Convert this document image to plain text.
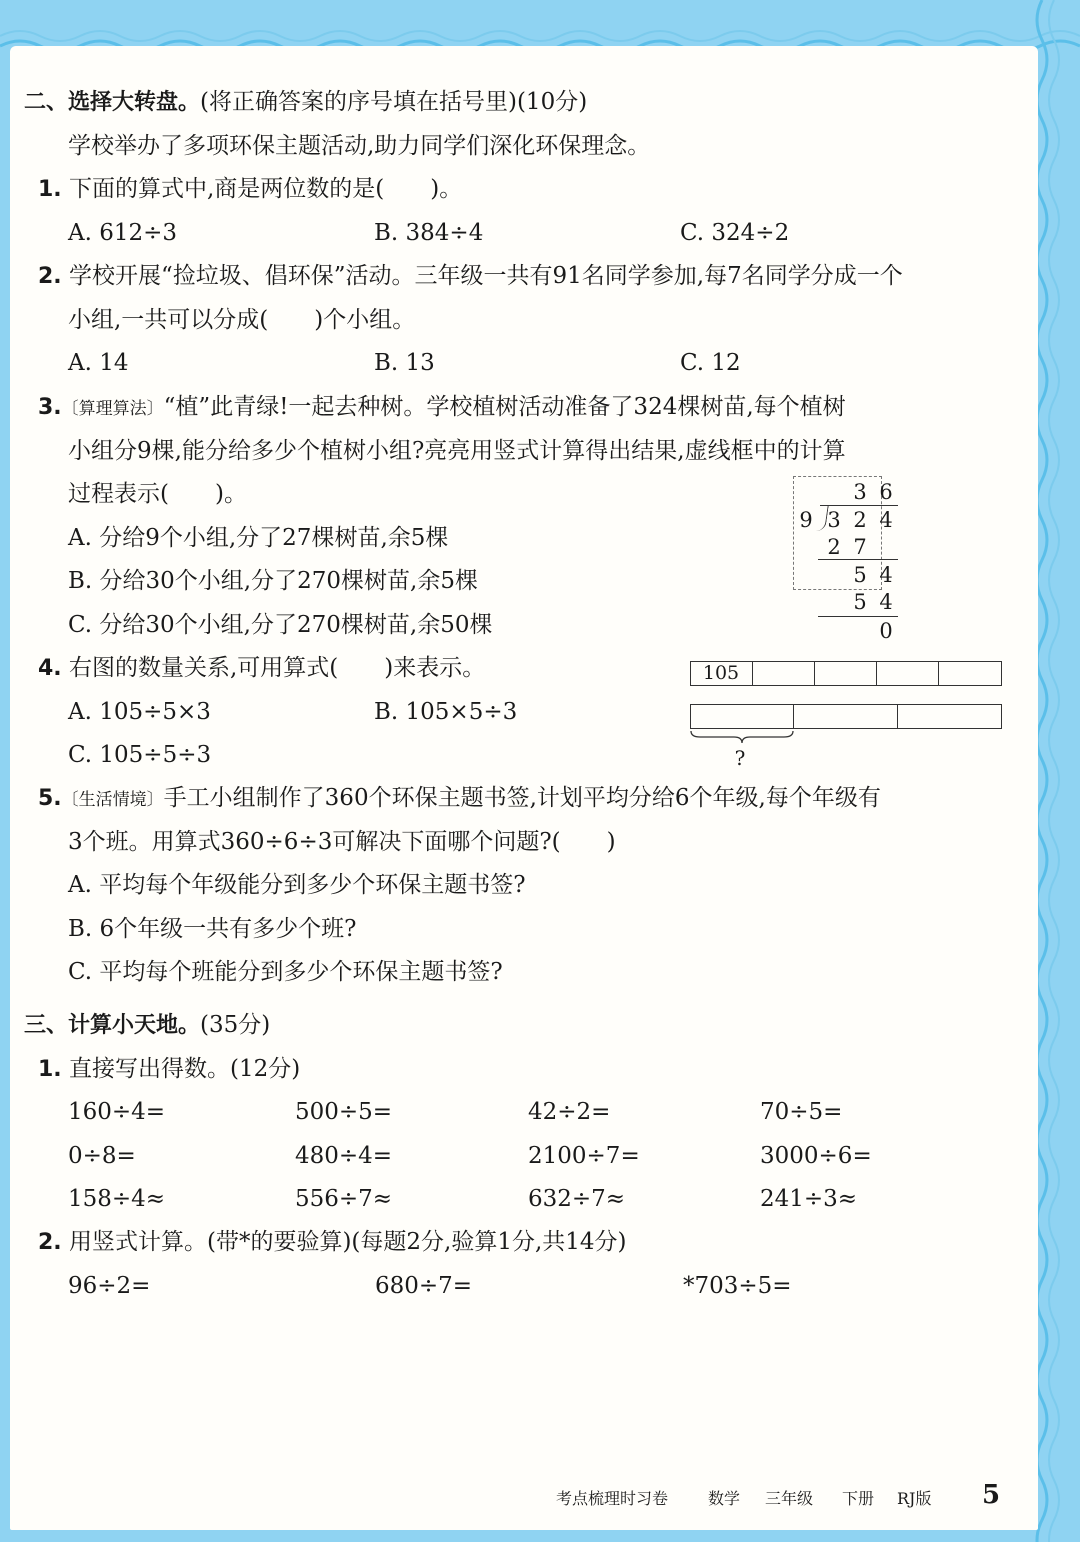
二、选择大转盘。(将正确答案的序号填在括号里)(10分)
学校举办了多项环保主题活动,助力同学们深化环保理念。
1. 下面的算式中,商是两位数的是(　　)。
A. 612÷3	B. 384÷4	C. 324÷2
2. 学校开展“捡垃圾、倡环保”活动。三年级一共有91名同学参加,每7名同学分成一个
小组,一共可以分成(　　)个小组。
A. 14	B. 13	C. 12
3.〔算理算法〕“植”此青绿!一起去种树。学校植树活动准备了324棵树苗,每个植树
小组分9棵,能分给多少个植树小组?亮亮用竖式计算得出结果,虚线框中的计算
过程表示(　　)。
A. 分给9个小组,分了27棵树苗,余5棵
B. 分给30个小组,分了270棵树苗,余5棵
C. 分给30个小组,分了270棵树苗,余50棵
3 6
9 3 2 4
2 7
5 4
5 4
0
4. 右图的数量关系,可用算式(　　)来表示。
A. 105÷5×3	B. 105×5÷3
C. 105÷5÷3
105
?
5.〔生活情境〕手工小组制作了360个环保主题书签,计划平均分给6个年级,每个年级有
3个班。用算式360÷6÷3可解决下面哪个问题?(　　)
A. 平均每个年级能分到多少个环保主题书签?
B. 6个年级一共有多少个班?
C. 平均每个班能分到多少个环保主题书签?
三、计算小天地。(35分)
1. 直接写出得数。(12分)
160÷4=	500÷5=	42÷2=	70÷5=
0÷8=	480÷4=	2100÷7=	3000÷6=
158÷4≈	556÷7≈	632÷7≈	241÷3≈
2. 用竖式计算。(带*的要验算)(每题2分,验算1分,共14分)
96÷2=	680÷7=	*703÷5=
考点梳理时习卷 数学 三年级 下册 RJ版 5
